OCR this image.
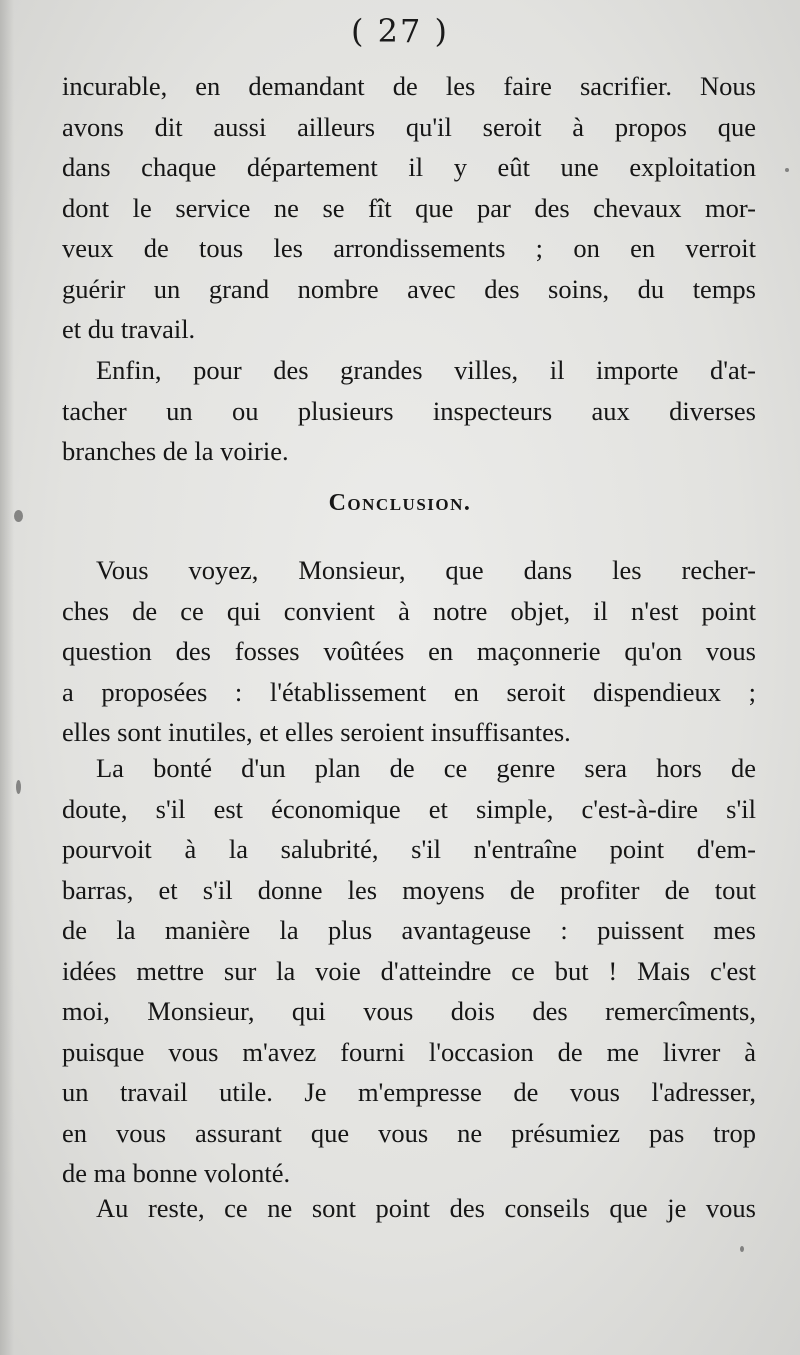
( 27 )
incurable, en demandant de les faire sacrifier. Nous
avons dit aussi ailleurs qu'il seroit à propos que
dans chaque département il y eût une exploitation
dont le service ne se fît que par des chevaux mor-
veux de tous les arrondissements ; on en verroit
guérir un grand nombre avec des soins, du temps
et du travail.
Enfin, pour des grandes villes, il importe d'at-
tacher un ou plusieurs inspecteurs aux diverses
branches de la voirie.
Conclusion.
Vous voyez, Monsieur, que dans les recher-
ches de ce qui convient à notre objet, il n'est point
question des fosses voûtées en maçonnerie qu'on vous
a proposées : l'établissement en seroit dispendieux ;
elles sont inutiles, et elles seroient insuffisantes.
La bonté d'un plan de ce genre sera hors de
doute, s'il est économique et simple, c'est-à-dire s'il
pourvoit à la salubrité, s'il n'entraîne point d'em-
barras, et s'il donne les moyens de profiter de tout
de la manière la plus avantageuse : puissent mes
idées mettre sur la voie d'atteindre ce but ! Mais c'est
moi, Monsieur, qui vous dois des remercîments,
puisque vous m'avez fourni l'occasion de me livrer à
un travail utile. Je m'empresse de vous l'adresser,
en vous assurant que vous ne présumiez pas trop
de ma bonne volonté.
Au reste, ce ne sont point des conseils que je vous
